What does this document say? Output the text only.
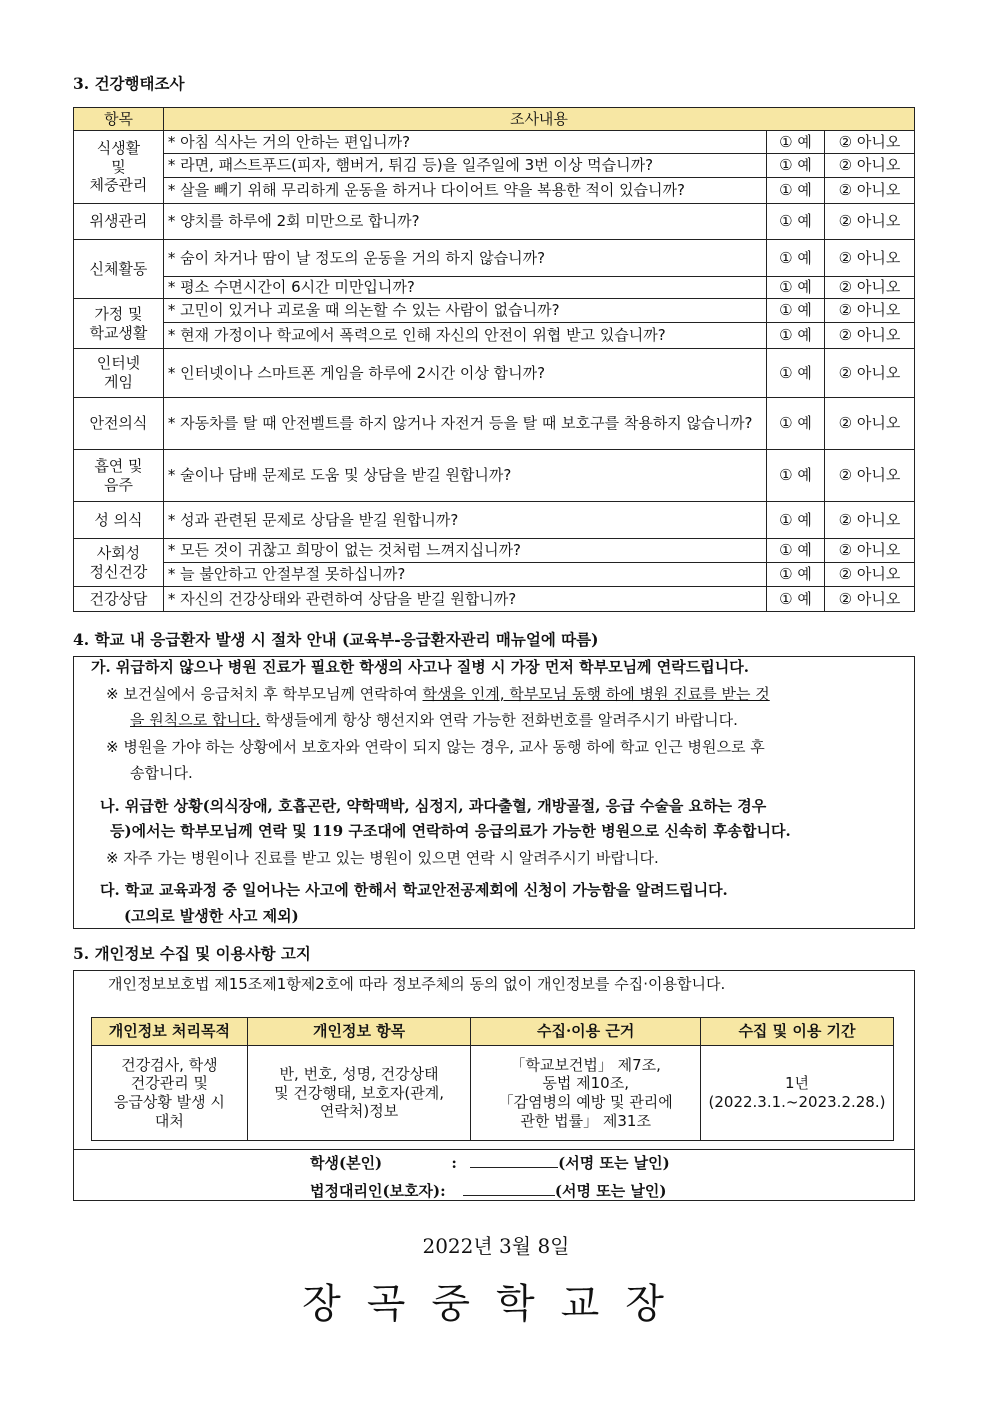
3. 건강행태조사
항목	조사내용		
식생활
및
체중관리	* 아침 식사는 거의 안하는 편입니까?	① 예	② 아니오
	* 라면, 패스트푸드(피자, 햄버거, 튀김 등)을 일주일에 3번 이상 먹습니까?	① 예	② 아니오
	* 살을 빼기 위해 무리하게 운동을 하거나 다이어트 약을 복용한 적이 있습니까?	① 예	② 아니오
위생관리	* 양치를 하루에 2회 미만으로 합니까?	① 예	② 아니오
신체활동	* 숨이 차거나 땀이 날 정도의 운동을 거의 하지 않습니까?	① 예	② 아니오
	* 평소 수면시간이 6시간 미만입니까?	① 예	② 아니오
가정 및
학교생활	* 고민이 있거나 괴로울 때 의논할 수 있는 사람이 없습니까?	① 예	② 아니오
	* 현재 가정이나 학교에서 폭력으로 인해 자신의 안전이 위협 받고 있습니까?	① 예	② 아니오
인터넷
게임	* 인터넷이나 스마트폰 게임을 하루에 2시간 이상 합니까?	① 예	② 아니오
안전의식	* 자동차를 탈 때 안전벨트를 하지 않거나 자전거 등을 탈 때 보호구를 착용하지 않습니까?	① 예	② 아니오
흡연 및
음주	* 술이나 담배 문제로 도움 및 상담을 받길 원합니까?	① 예	② 아니오
성 의식	* 성과 관련된 문제로 상담을 받길 원합니까?	① 예	② 아니오
사회성
정신건강	* 모든 것이 귀찮고 희망이 없는 것처럼 느껴지십니까?	① 예	② 아니오
	* 늘 불안하고 안절부절 못하십니까?	① 예	② 아니오
건강상담	* 자신의 건강상태와 관련하여 상담을 받길 원합니까?	① 예	② 아니오
4. 학교 내 응급환자 발생 시 절차 안내 (교육부-응급환자관리 매뉴얼에 따름)
가. 위급하지 않으나 병원 진료가 필요한 학생의 사고나 질병 시 가장 먼저 학부모님께 연락드립니다.
※ 보건실에서 응급처치 후 학부모님께 연락하여 학생을 인계, 학부모님 동행 하에 병원 진료를 받는 것
을 원칙으로 합니다. 학생들에게 항상 행선지와 연락 가능한 전화번호를 알려주시기 바랍니다.
※ 병원을 가야 하는 상황에서 보호자와 연락이 되지 않는 경우, 교사 동행 하에 학교 인근 병원으로 후
송합니다.
나. 위급한 상황(의식장애, 호흡곤란, 약학맥박, 심정지, 과다출혈, 개방골절, 응급 수술을 요하는 경우
등)에서는 학부모님께 연락 및 119 구조대에 연락하여 응급의료가 가능한 병원으로 신속히 후송합니다.
※ 자주 가는 병원이나 진료를 받고 있는 병원이 있으면 연락 시 알려주시기 바랍니다.
다. 학교 교육과정 중 일어나는 사고에 한해서 학교안전공제회에 신청이 가능함을 알려드립니다.
(고의로 발생한 사고 제외)
5. 개인정보 수집 및 이용사항 고지
개인정보보호법 제15조제1항제2호에 따라 정보주체의 동의 없이 개인정보를 수집·이용합니다.
개인정보 처리목적	개인정보 항목	수집·이용 근거	수집 및 이용 기간
건강검사, 학생
건강관리 및
응급상황 발생 시
대처	반, 번호, 성명, 건강상태
및 건강행태, 보호자(관계,
연락처)정보	「학교보건법」 제7조,
동법 제10조,
「감염병의 예방 및 관리에
관한 법률」 제31조	1년
(2022.3.1.~2023.2.28.)
학생(본인)	:	(서명 또는 날인)
법정대리인(보호자):	(서명 또는 날인)
2022년 3월 8일
장곡중학교장
